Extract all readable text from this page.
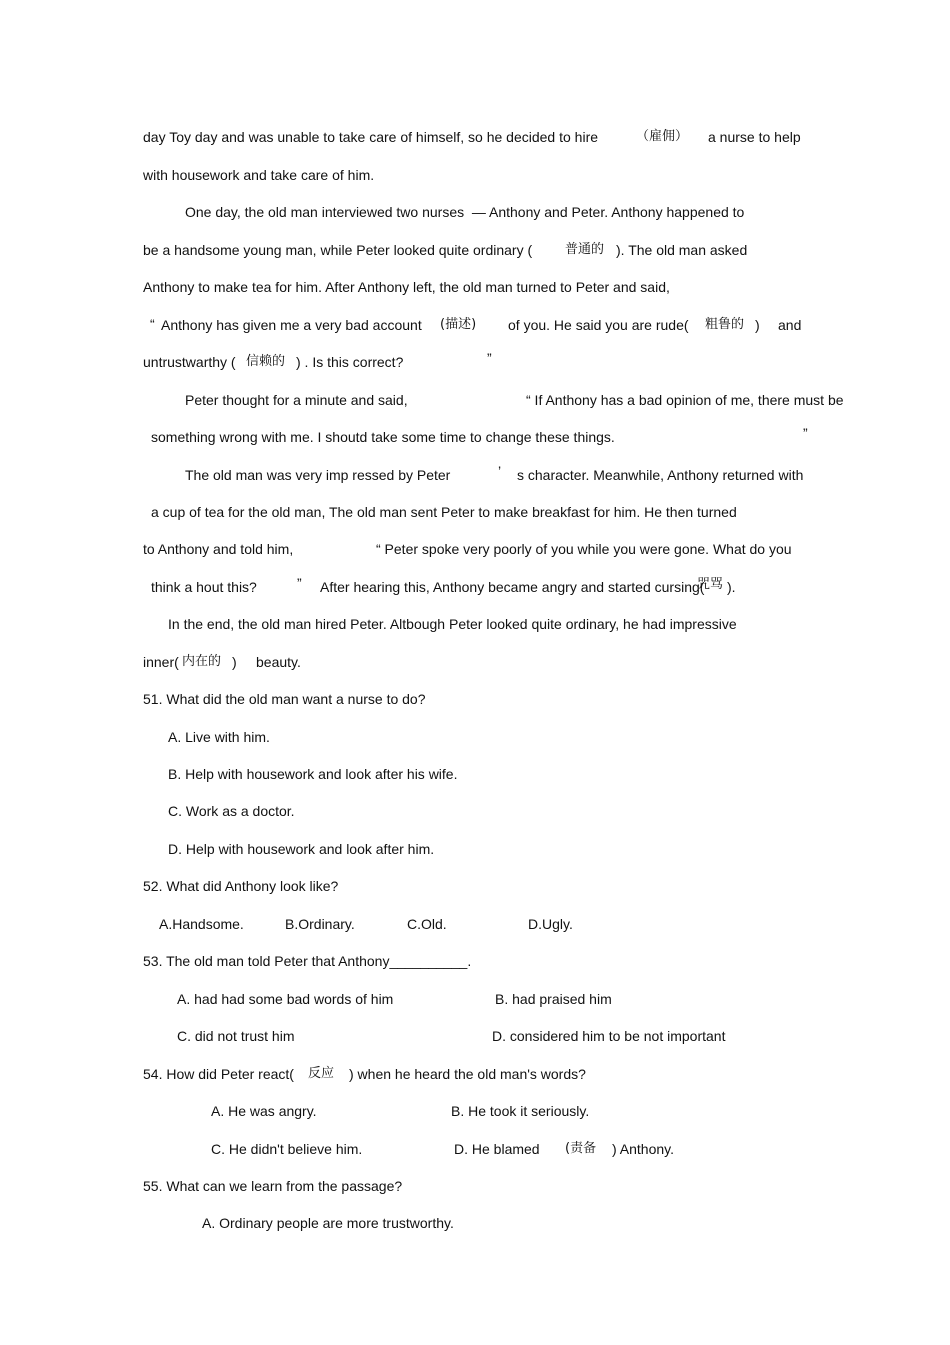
day Toy day and was unable to take care of himself, so he decided to hire	（雇佣） a nurse to help
with housework and take care of him.
One day, the old man interviewed two nurses  — Anthony and Peter. Anthony happened to
be a handsome young man, while Peter looked quite ordinary (	普通的 ). The old man asked
Anthony to make tea for him. After Anthony left, the old man turned to Peter and said,
“ Anthony has given me a very bad account (描述) of you. He said you are rude( 粗鲁的 ) and
untrustwarthy ( 信赖的 ) . Is this correct?	”
Peter thought for a minute and said,	“ If Anthony has a bad opinion of me, there must be
something wrong with me. I shoutd take some time to change these things.	”
The old man was very imp ressed by Peter	’ s character. Meanwhile, Anthony returned with
a cup of tea for the old man, The old man sent Peter to make breakfast for him. He then turned
to Anthony and told him,	“ Peter spoke very poorly of you while you were gone. What do you
think a hout this?	” After hearing this, Anthony became angry and started cursing(
咒骂 ).
In the end, the old man hired Peter. Altbough Peter looked quite ordinary, he had impressive
inner( 内在的 ) beauty.
51. What did the old man want a nurse to do?
A. Live with him.
B. Help with housework and look after his wife.
C. Work as a doctor.
D. Help with housework and look after him.
52. What did Anthony look like?
A.Handsome.	B.Ordinary.	C.Old.	D.Ugly.
53. The old man told Peter that Anthony__________.
A. had had some bad words of him	B. had praised him
C. did not trust him	D. considered him to be not important
54. How did Peter react( 反应 ) when he heard the old man's words?
A. He was angry.	B. He took it seriously.
C. He didn't believe him.	D. He blamed (责备 ) Anthony.
55. What can we learn from the passage?
A. Ordinary people are more trustworthy.
